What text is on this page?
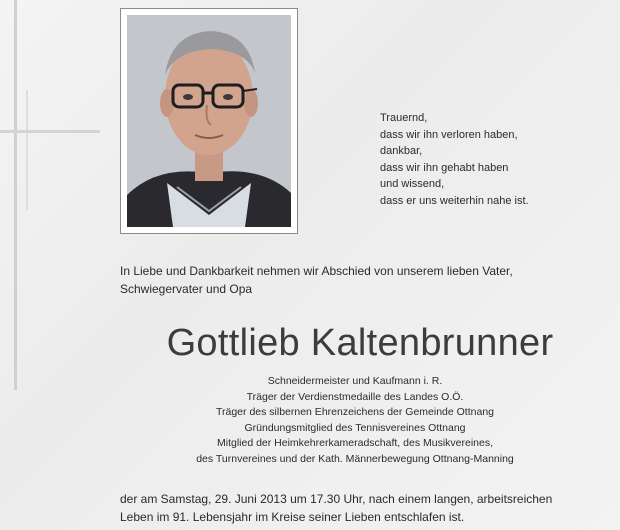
Trauernd,
dass wir ihn verloren haben,
dankbar,
dass wir ihn gehabt haben
und wissend,
dass er uns weiterhin nahe ist.
In Liebe und Dankbarkeit nehmen wir Abschied von unserem lieben Vater,
Schwiegervater und Opa
Gottlieb Kaltenbrunner
Schneidermeister und Kaufmann i. R.
Träger der Verdienstmedaille des Landes O.Ö.
Träger des silbernen Ehrenzeichens der Gemeinde Ottnang
Gründungsmitglied des Tennisvereines Ottnang
Mitglied der Heimkehrerkameradschaft, des Musikvereines,
des Turnvereines und der Kath. Männerbewegung Ottnang-Manning
der am Samstag, 29. Juni 2013 um 17.30 Uhr, nach einem langen, arbeitsreichen
Leben im 91. Lebensjahr im Kreise seiner Lieben entschlafen ist.
